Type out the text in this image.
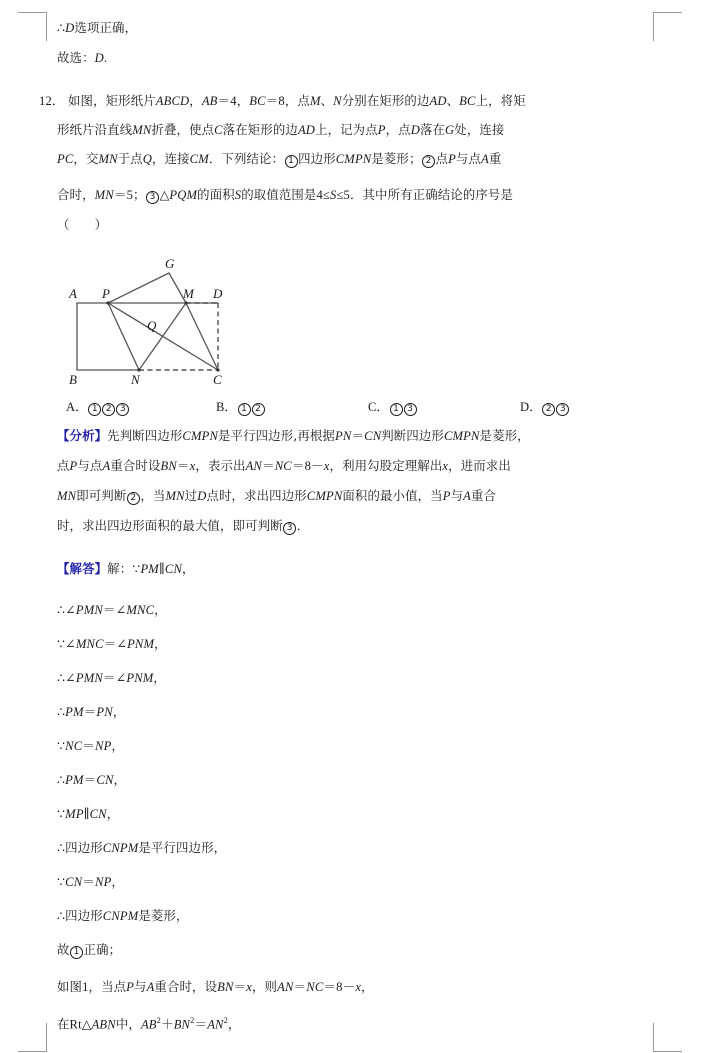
∴D选项正确，
故选：D.
12． 如图，矩形纸片ABCD，AB＝4，BC＝8，点M、N分别在矩形的边AD、BC上，将矩
形纸片沿直线MN折叠，使点C落在矩形的边AD上，记为点P，点D落在G处，连接
PC，交MN于点Q，连接CM．下列结论： 1 四边形CMPN是菱形； 2 点P与点A重
合时，MN＝5； 3 △PQM的面积S的取值范围是4≤S≤5．其中所有正确结论的序号是
（　　）
A P
G
M D
Q
B	N	C
A． 1 2 3	B． 1 2	C． 1 3	D． 2 3
【分析】先判断四边形CMPN是平行四边形,再根据PN＝CN判断四边形CMPN是菱形，
点P与点A重合时设BN＝x，表示出AN＝NC＝8－x，利用勾股定理解出x，进而求出
MN即可判断 2 ，当MN过D点时，求出四边形CMPN面积的最小值，当P与A重合
时，求出四边形面积的最大值，即可判断 3 ．
【解答】解：∵PM∥CN，
∴∠PMN＝∠MNC，
∵∠MNC＝∠PNM，
∴∠PMN＝∠PNM，
∴PM＝PN，
∵NC＝NP，
∴PM＝CN，
∵MP∥CN，
∴四边形CNPM是平行四边形，
∵CN＝NP，
∴四边形CNPM是菱形，
故 1 正确；
如图1，当点P与A重合时，设BN＝x，则AN＝NC＝8－x，
在Rt△ABN中，$AB^2+BN^2=AN^2$，
